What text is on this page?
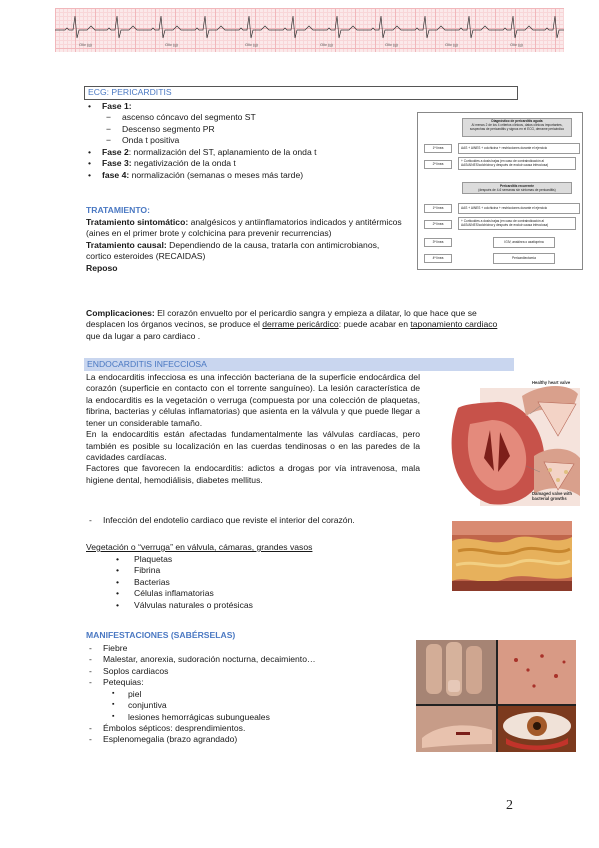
Oliv (g)	Oliv (g)	Oliv (g)	Oliv (g)	Oliv (g)	Oliv (g)	Oliv (g)
ECG: PERICARDITIS
• Fase 1:
− ascenso cóncavo del segmento ST
− Descenso segmento PR
− Onda t positiva
• Fase 2: normalización del ST, aplanamiento de la onda t
• Fase 3: negativización de la onda t
• fase 4: normalización (semanas o meses más tarde)
TRATAMIENTO:
Tratamiento sintomático: analgésicos y antiinflamatorios indicados y antitérmicos (aines en el primer brote y colchicina para prevenir recurrencias)
Tratamiento causal: Dependiendo de la causa, tratarla con antimicrobianos, cortico esteroides (RECAIDAS)
Reposo
Complicaciones: El corazón envuelto por el pericardio sangra y empieza a dilatar, lo que hace que se desplacen los órganos vecinos, se produce el derrame pericárdico: puede acabar en taponamiento cardiaco que da lugar a paro cardiaco .
Diagnóstico de pericarditis aguda
Al menos 2 de los 4 criterios clínicos, datos clínicos importantes, sospechas de pericarditis y signos en el ECG, derrame pericárdico
1ª línea	AAS + AINES + colchicina + restricciones durante el ejercicio
2ª línea
+ Corticoides a dosis bajas (en caso de contraindicación al AAS/AINES/colchicina y después de excluir causa infecciosa)
Pericarditis recurrente
(después de 4-6 semanas sin síntomas de pericarditis)
1ª línea	AAS + AINES + colchicina + restricciones durante el ejercicio
2ª línea
+ Corticoides a dosis bajas (en caso de contraindicación al AAS/AINES/colchicina y después de excluir causa infecciosa)
3ª línea	IGIV, anakinra o azatioprina
4ª línea	Pericardiectomía
ENDOCARDITIS INFECCIOSA
La endocarditis infecciosa es una infección bacteriana de la superficie endocárdica del corazón (superficie en contacto con el torrente sanguíneo). La lesión característica de la endocarditis es la vegetación o verruga (compuesta por una colección de plaquetas, fibrina, bacterias y células inflamatorias) que asienta en la válvula y que puede llegar a tener un considerable tamaño.
En la endocarditis están afectadas fundamentalmente las válvulas cardíacas, pero también es posible su localización en las cuerdas tendinosas o en las paredes de la cavidades cardíacas.
Factores que favorecen la endocarditis: adictos a drogas por vía intravenosa, mala higiene dental, hemodiálisis, diabetes mellitus.
Healthy heart valve
Damaged valve with bacterial growths
- Infección del endotelio cardiaco que reviste el interior del corazón.
Vegetación o “verruga” en válvula, cámaras, grandes vasos
• Plaquetas
• Fibrina
• Bacterias
• Células inflamatorias
• Válvulas naturales o protésicas
MANIFESTACIONES (SABÉRSELAS)
- Fiebre
- Malestar, anorexia, sudoración nocturna, decaimiento…
- Soplos cardiacos
- Petequias:
▪ piel
▪ conjuntiva
▪ lesiones hemorrágicas subungueales
- Émbolos sépticos: desprendimientos.
- Esplenomegalia (brazo agrandado)
2
